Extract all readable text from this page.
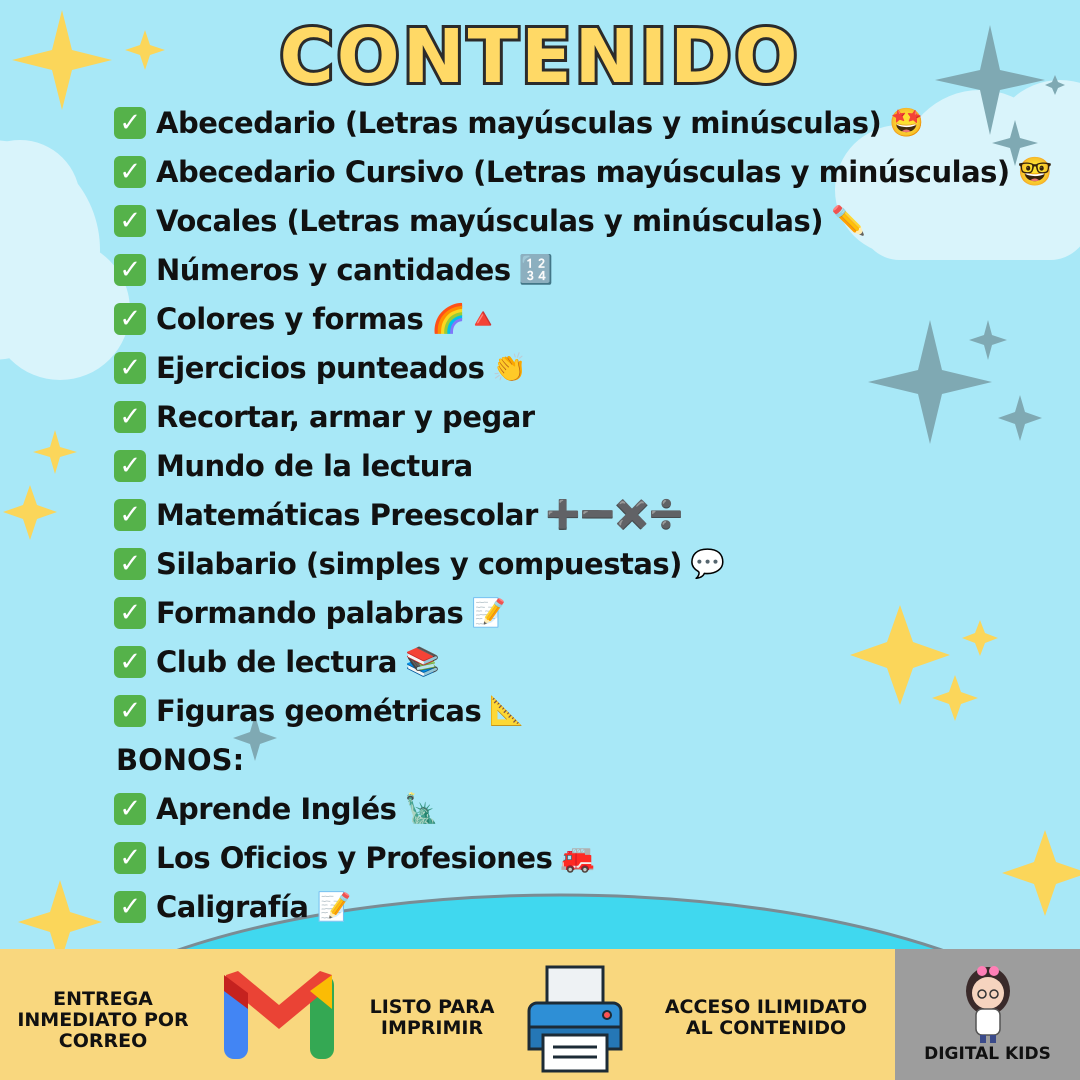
CONTENIDO
✓ Abecedario (Letras mayúsculas y minúsculas) 🤩
✓ Abecedario Cursivo (Letras mayúsculas y minúsculas) 🤓
✓ Vocales (Letras mayúsculas y minúsculas) ✏️
✓ Números y cantidades 🔢
✓ Colores y formas 🌈🔺
✓ Ejercicios punteados 👏
✓ Recortar, armar y pegar
✓ Mundo de la lectura
✓ Matemáticas Preescolar ➕➖✖️➗
✓ Silabario (simples y compuestas) 💬
✓ Formando palabras 📝
✓ Club de lectura 📚
✓ Figuras geométricas 📐
BONOS:
✓ Aprende Inglés 🗽
✓ Los Oficios y Profesiones 🚒
✓ Caligrafía 📝
ENTREGA
INMEDIATO POR
CORREO
LISTO PARA
IMPRIMIR
ACCESO ILIMIDATO
AL CONTENIDO
DIGITAL KIDS
